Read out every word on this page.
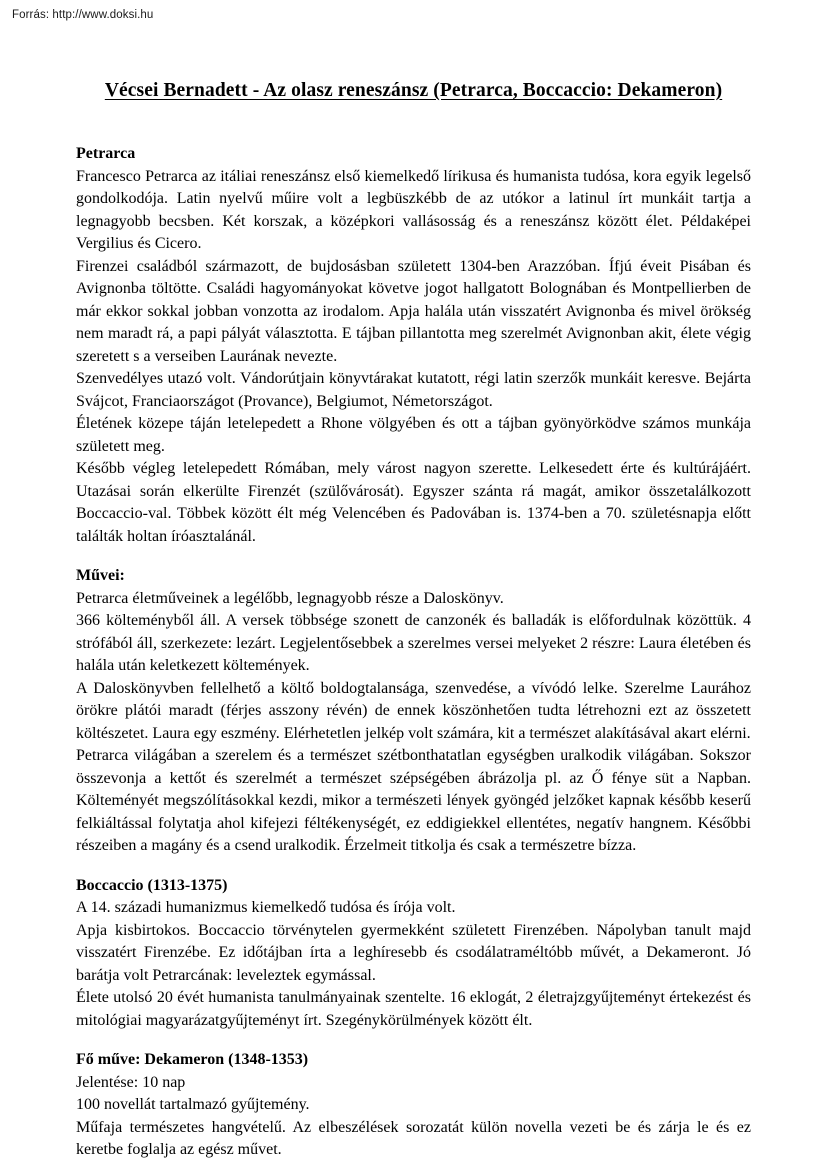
Forrás: http://www.doksi.hu
Vécsei Bernadett - Az olasz reneszánsz (Petrarca, Boccaccio: Dekameron)
Petrarca

Francesco Petrarca az itáliai reneszánsz első kiemelkedő lírikusa és humanista tudósa, kora egyik legelső gondolkodója. Latin nyelvű műire volt a legbüszkébb de az utókor a latinul írt munkáit tartja a legnagyobb becsben. Két korszak, a középkori vallásosság és a reneszánsz között élet. Példaképei Vergilius és Cicero.

Firenzei családból származott, de bujdosásban született 1304-ben Arazzóban. Ífjú éveit Pisában és Avignonba töltötte. Családi hagyományokat követve jogot hallgatott Bolognában és Montpellierben de már ekkor sokkal jobban vonzotta az irodalom. Apja halála után visszatért Avignonba és mivel örökség nem maradt rá, a papi pályát választotta. E tájban pillantotta meg szerelmét Avignonban akit, élete végig szeretett s a verseiben Laurának nevezte.

Szenvedélyes utazó volt. Vándorútjain könyvtárakat kutatott, régi latin szerzők munkáit keresve. Bejárta Svájcot, Franciaországot (Provance), Belgiumot, Németországot.

Életének közepe táján letelepedett a Rhone völgyében és ott a tájban gyönyörködve számos munkája született meg.

Később végleg letelepedett Rómában, mely várost nagyon szerette. Lelkesedett érte és kultúrájáért. Utazásai során elkerülte Firenzét (szülővárosát). Egyszer szánta rá magát, amikor összetalálkozott Boccaccio-val. Többek között élt még Velencében és Padovában is. 1374-ben a 70. születésnapja előtt találták holtan íróasztalánál.

Művei:

Petrarca életműveinek a legélőbb, legnagyobb része a Daloskönyv.

366 költeményből áll. A versek többsége szonett de canzonék és balladák is előfordulnak közöttük. 4 strófából áll, szerkezete: lezárt. Legjelentősebbek a szerelmes versei melyeket 2 részre: Laura életében és halála után keletkezett költemények.

A Daloskönyvben fellelhető a költő boldogtalansága, szenvedése, a vívódó lelke. Szerelme Laurához örökre plátói maradt (férjes asszony révén) de ennek köszönhetően tudta létrehozni ezt az összetett költészetet. Laura egy eszmény. Elérhetetlen jelkép volt számára, kit a természet alakításával akart elérni.

Petrarca világában a szerelem és a természet szétbonthatatlan egységben uralkodik világában. Sokszor összevonja a kettőt és szerelmét a természet szépségében ábrázolja pl. az Ő fénye süt a Napban. Költeményét megszólításokkal kezdi, mikor a természeti lények gyöngéd jelzőket kapnak később keserű felkiáltással folytatja ahol kifejezi féltékenységét, ez eddigiekkel ellentétes, negatív hangnem. Későbbi részeiben a magány és a csend uralkodik. Érzelmeit titkolja és csak a természetre bízza.

Boccaccio (1313-1375)

A 14. századi humanizmus kiemelkedő tudósa és írója volt.

Apja kisbirtokos. Boccaccio törvénytelen gyermekként született Firenzében. Nápolyban tanult majd visszatért Firenzébe. Ez időtájban írta a leghíresebb és csodálatraméltóbb művét, a Dekameront. Jó barátja volt Petrarcának: leveleztek egymással.

Élete utolsó 20 évét humanista tanulmányainak szentelte. 16 eklogát, 2 életrajzgyűjteményt értekezést és mitológiai magyarázatgyűjteményt írt. Szegénykörülmények között élt.

Fő műve: Dekameron (1348-1353)

Jelentése: 10 nap

100 novellát tartalmazó gyűjtemény.

Műfaja természetes hangvételű. Az elbeszélések sorozatát külön novella vezeti be és zárja le és ez keretbe foglalja az egész művet.
